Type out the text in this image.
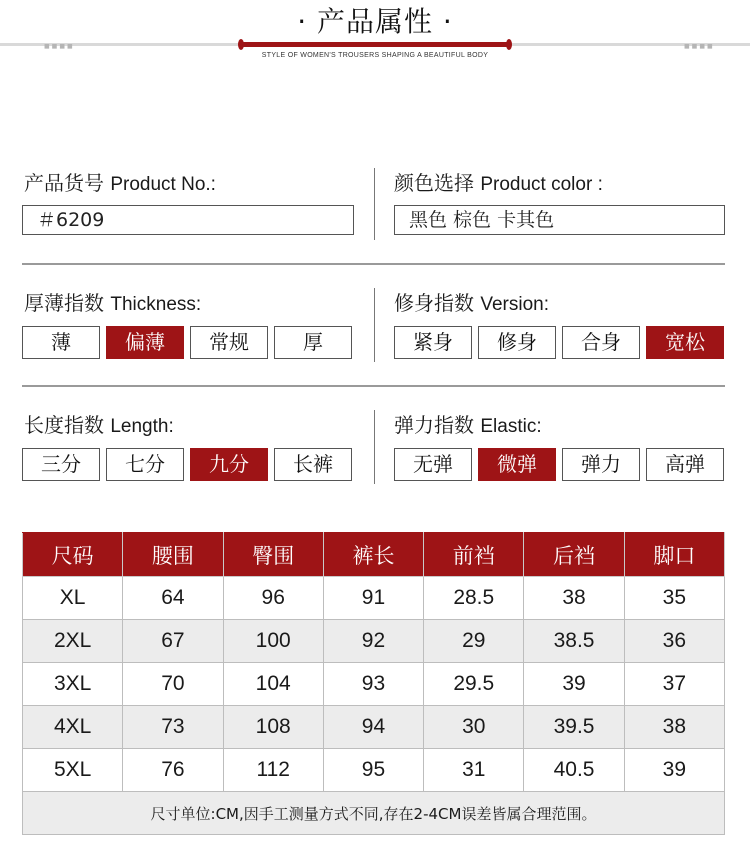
■■■■	■■■■
· 产品属性 ·
STYLE OF WOMEN'S TROUSERS SHAPING A BEAUTIFUL BODY
产品货号 Product No.:
＃6209
颜色选择 Product color :
黑色 棕色 卡其色
厚薄指数 Thickness:
薄	偏薄	常规	厚
修身指数 Version:
紧身	修身	合身	宽松
长度指数 Length:
三分	七分	九分	长裤
弹力指数 Elastic:
无弹	微弹	弹力	高弹
尺码	腰围	臀围	裤长	前裆	后裆	脚口
XL	64	96	91	28.5	38	35
2XL	67	100	92	29	38.5	36
3XL	70	104	93	29.5	39	37
4XL	73	108	94	30	39.5	38
5XL	76	112	95	31	40.5	39
尺寸单位:CM,因手工测量方式不同,存在2-4CM误差皆属合理范围。						
